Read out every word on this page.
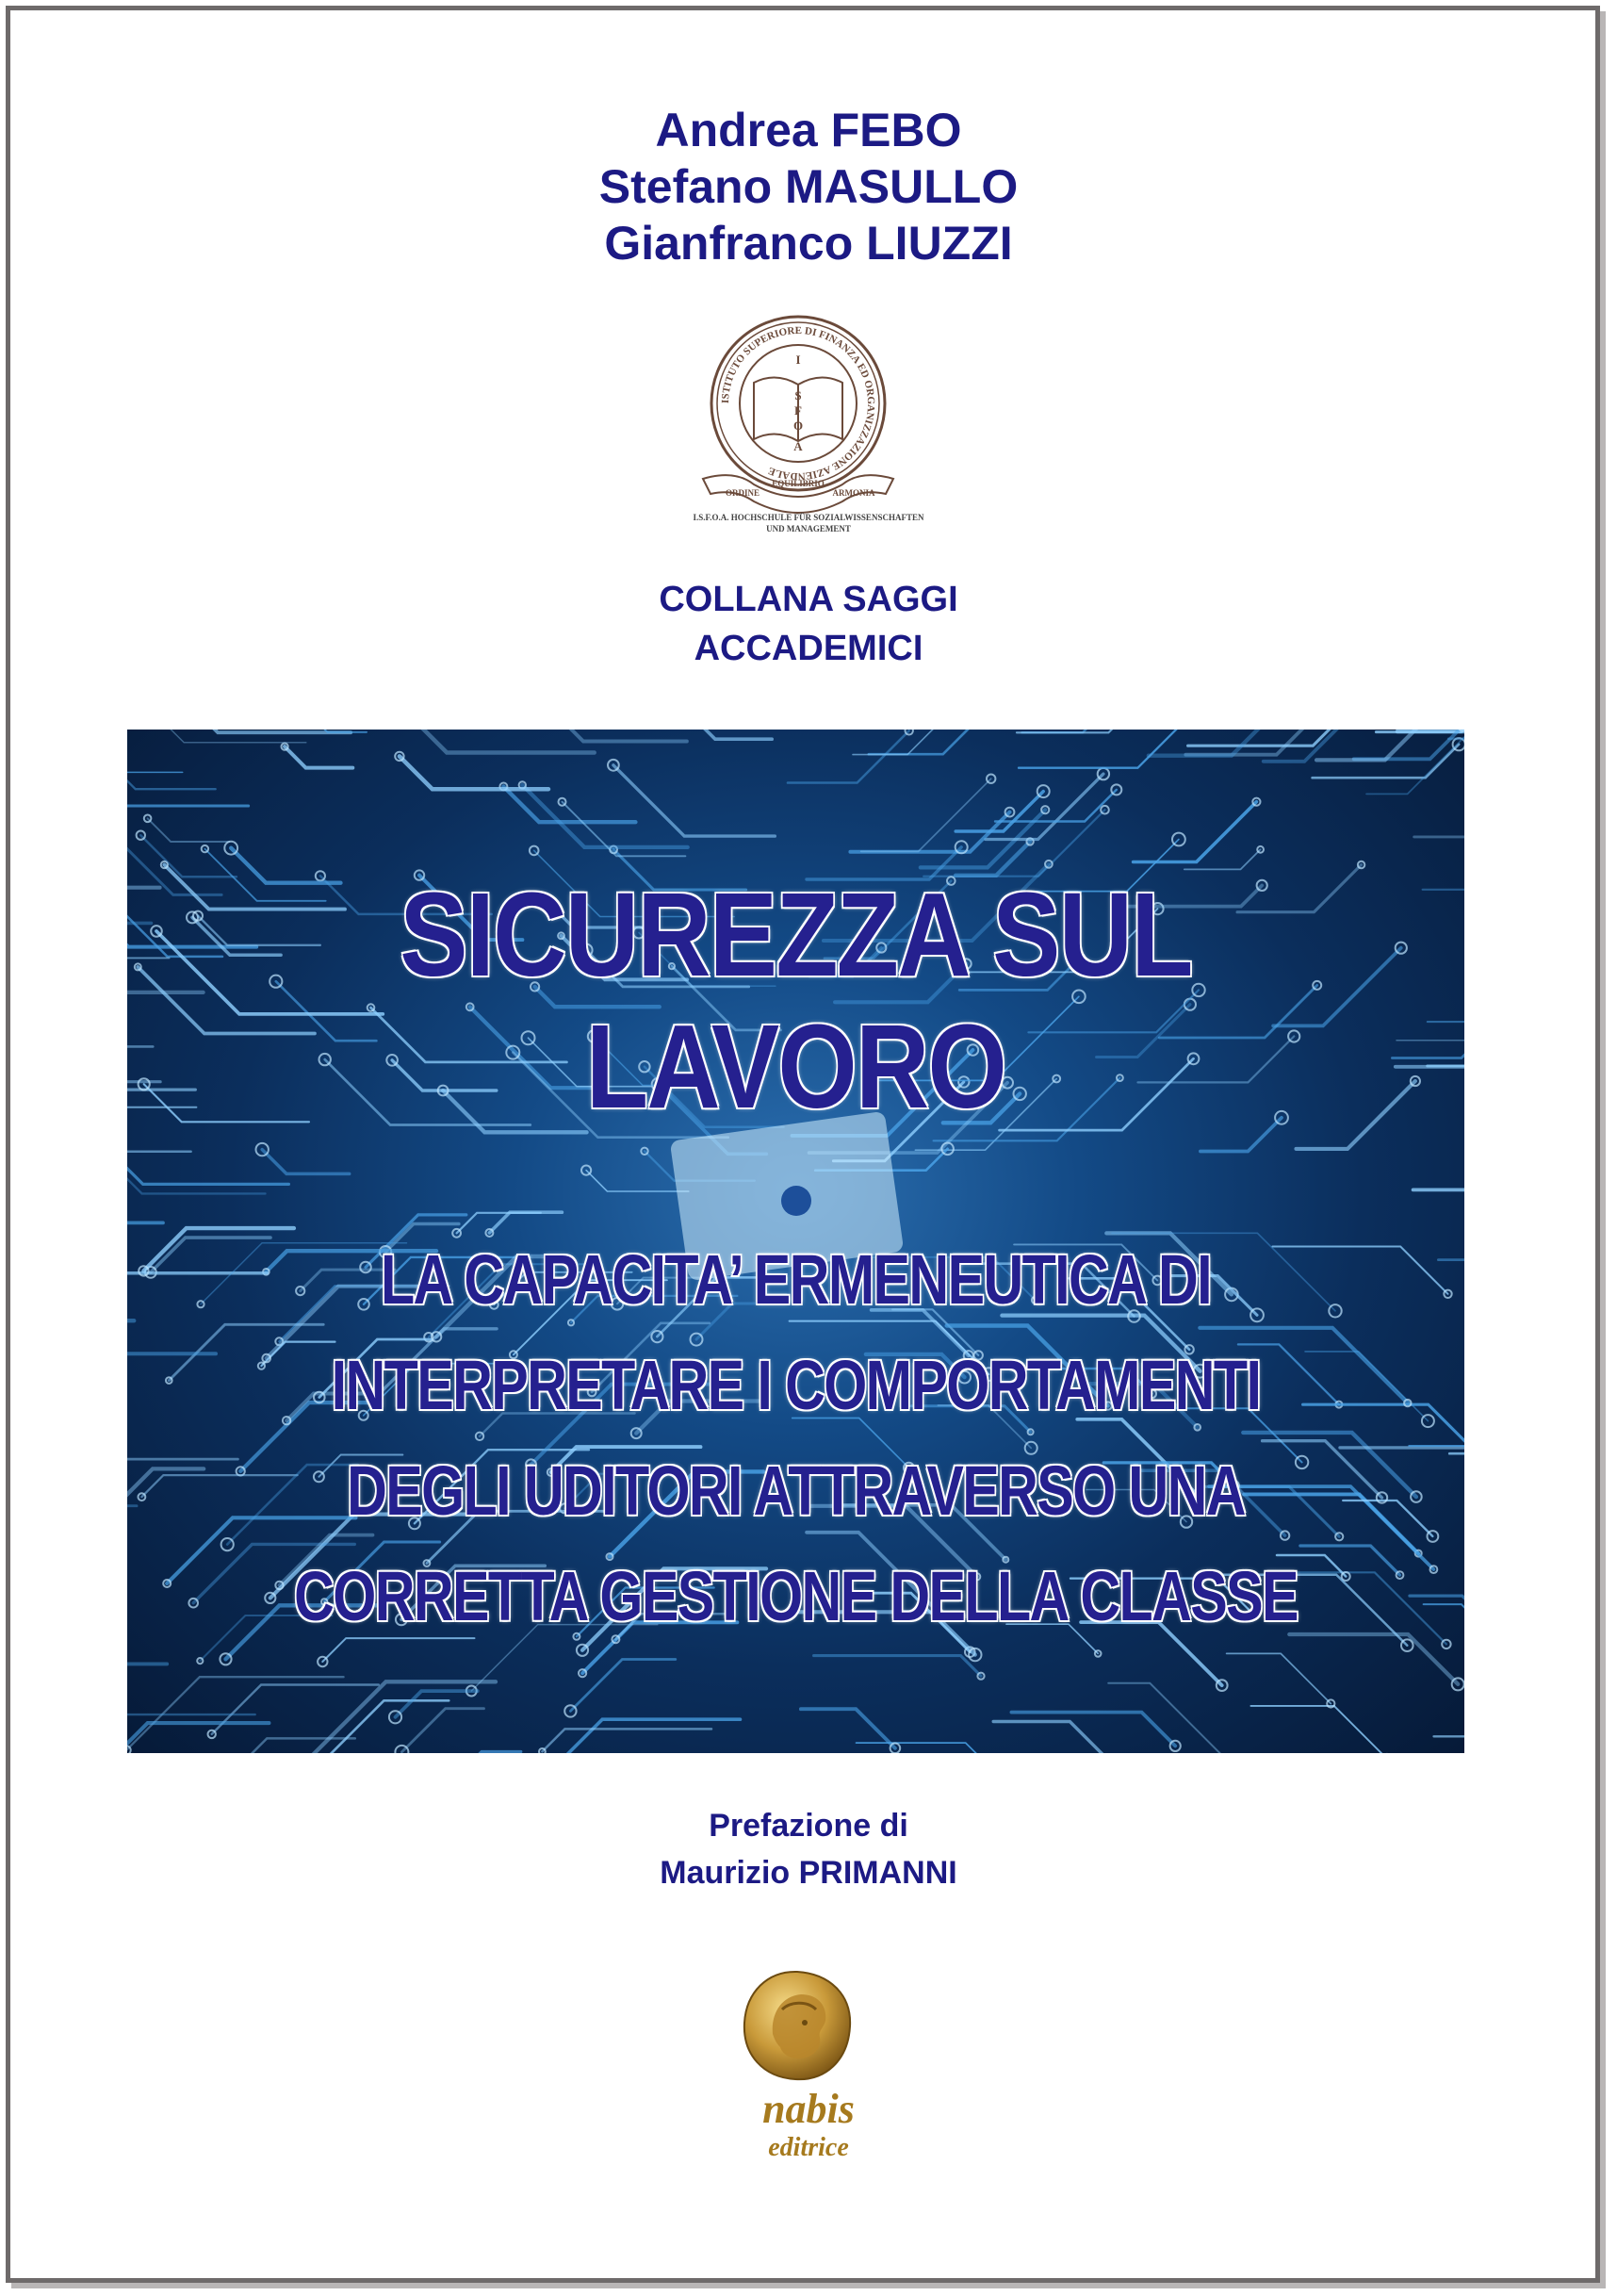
Andrea FEBO
Stefano MASULLO
Gianfranco LIUZZI
ISTITUTO SUPERIORE DI FINANZA ED ORGANIZZAZIONE AZIENDALE
I
S
F
O
A
ORDINE
EQUILIBRIO
ARMONIA
I.S.F.O.A. HOCHSCHULE FÜR SOZIALWISSENSCHAFTEN
UND MANAGEMENT
COLLANA SAGGI
ACCADEMICI
SICUREZZA SUL
LAVORO
LA CAPACITA’ ERMENEUTICA DI
INTERPRETARE I COMPORTAMENTI
DEGLI UDITORI ATTRAVERSO UNA
CORRETTA GESTIONE DELLA CLASSE
Prefazione di
Maurizio PRIMANNI
nabis
editrice
